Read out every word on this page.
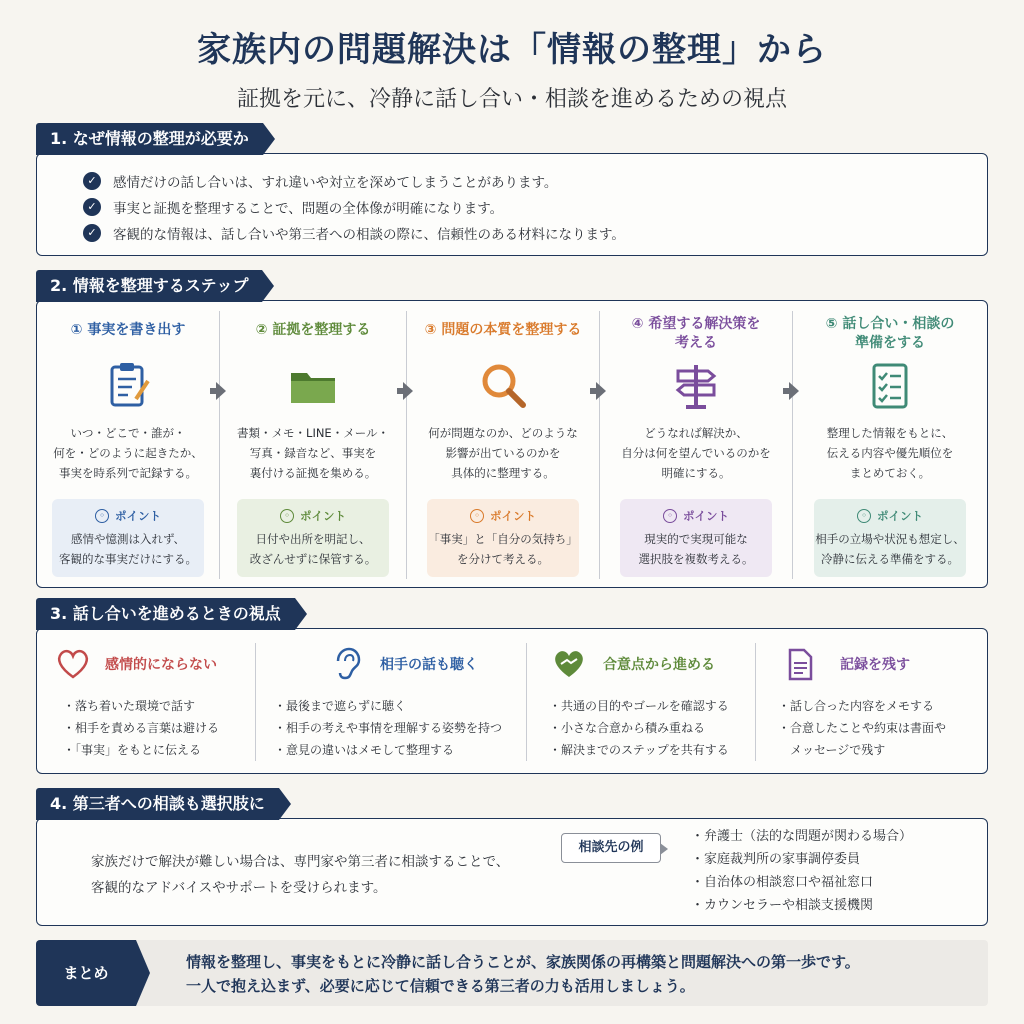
家族内の問題解決は「情報の整理」から
証拠を元に、冷静に話し合い・相談を進めるための視点
1. なぜ情報の整理が必要か
✓	感情だけの話し合いは、すれ違いや対立を深めてしまうことがあります。
✓	事実と証拠を整理することで、問題の全体像が明確になります。
✓	客観的な情報は、話し合いや第三者への相談の際に、信頼性のある材料になります。
2. 情報を整理するステップ
① 事実を書き出す
いつ・どこで・誰が・
何を・どのように起きたか、
事実を時系列で記録する。
◦ ポイント
感情や憶測は入れず、
客観的な事実だけにする。
② 証拠を整理する
書類・メモ・LINE・メール・
写真・録音など、事実を
裏付ける証拠を集める。
◦ ポイント
日付や出所を明記し、
改ざんせずに保管する。
③ 問題の本質を整理する
何が問題なのか、どのような
影響が出ているのかを
具体的に整理する。
◦ ポイント
「事実」と「自分の気持ち」
を分けて考える。
④ 希望する解決策を
考える
どうなれば解決か、
自分は何を望んでいるのかを
明確にする。
◦ ポイント
現実的で実現可能な
選択肢を複数考える。
⑤ 話し合い・相談の
準備をする
整理した情報をもとに、
伝える内容や優先順位を
まとめておく。
◦ ポイント
相手の立場や状況も想定し、
冷静に伝える準備をする。
3. 話し合いを進めるときの視点
感情的にならない
・落ち着いた環境で話す
・相手を責める言葉は避ける
・「事実」をもとに伝える
相手の話も聴く
・最後まで遮らずに聴く
・相手の考えや事情を理解する姿勢を持つ
・意見の違いはメモして整理する
合意点から進める
・共通の目的やゴールを確認する
・小さな合意から積み重ねる
・解決までのステップを共有する
記録を残す
・話し合った内容をメモする
・合意したことや約束は書面や
　メッセージで残す
4. 第三者への相談も選択肢に
家族だけで解決が難しい場合は、専門家や第三者に相談することで、
客観的なアドバイスやサポートを受けられます。
相談先の例
・弁護士（法的な問題が関わる場合）
・家庭裁判所の家事調停委員
・自治体の相談窓口や福祉窓口
・カウンセラーや相談支援機関
まとめ
情報を整理し、事実をもとに冷静に話し合うことが、家族関係の再構築と問題解決への第一歩です。
一人で抱え込まず、必要に応じて信頼できる第三者の力も活用しましょう。
